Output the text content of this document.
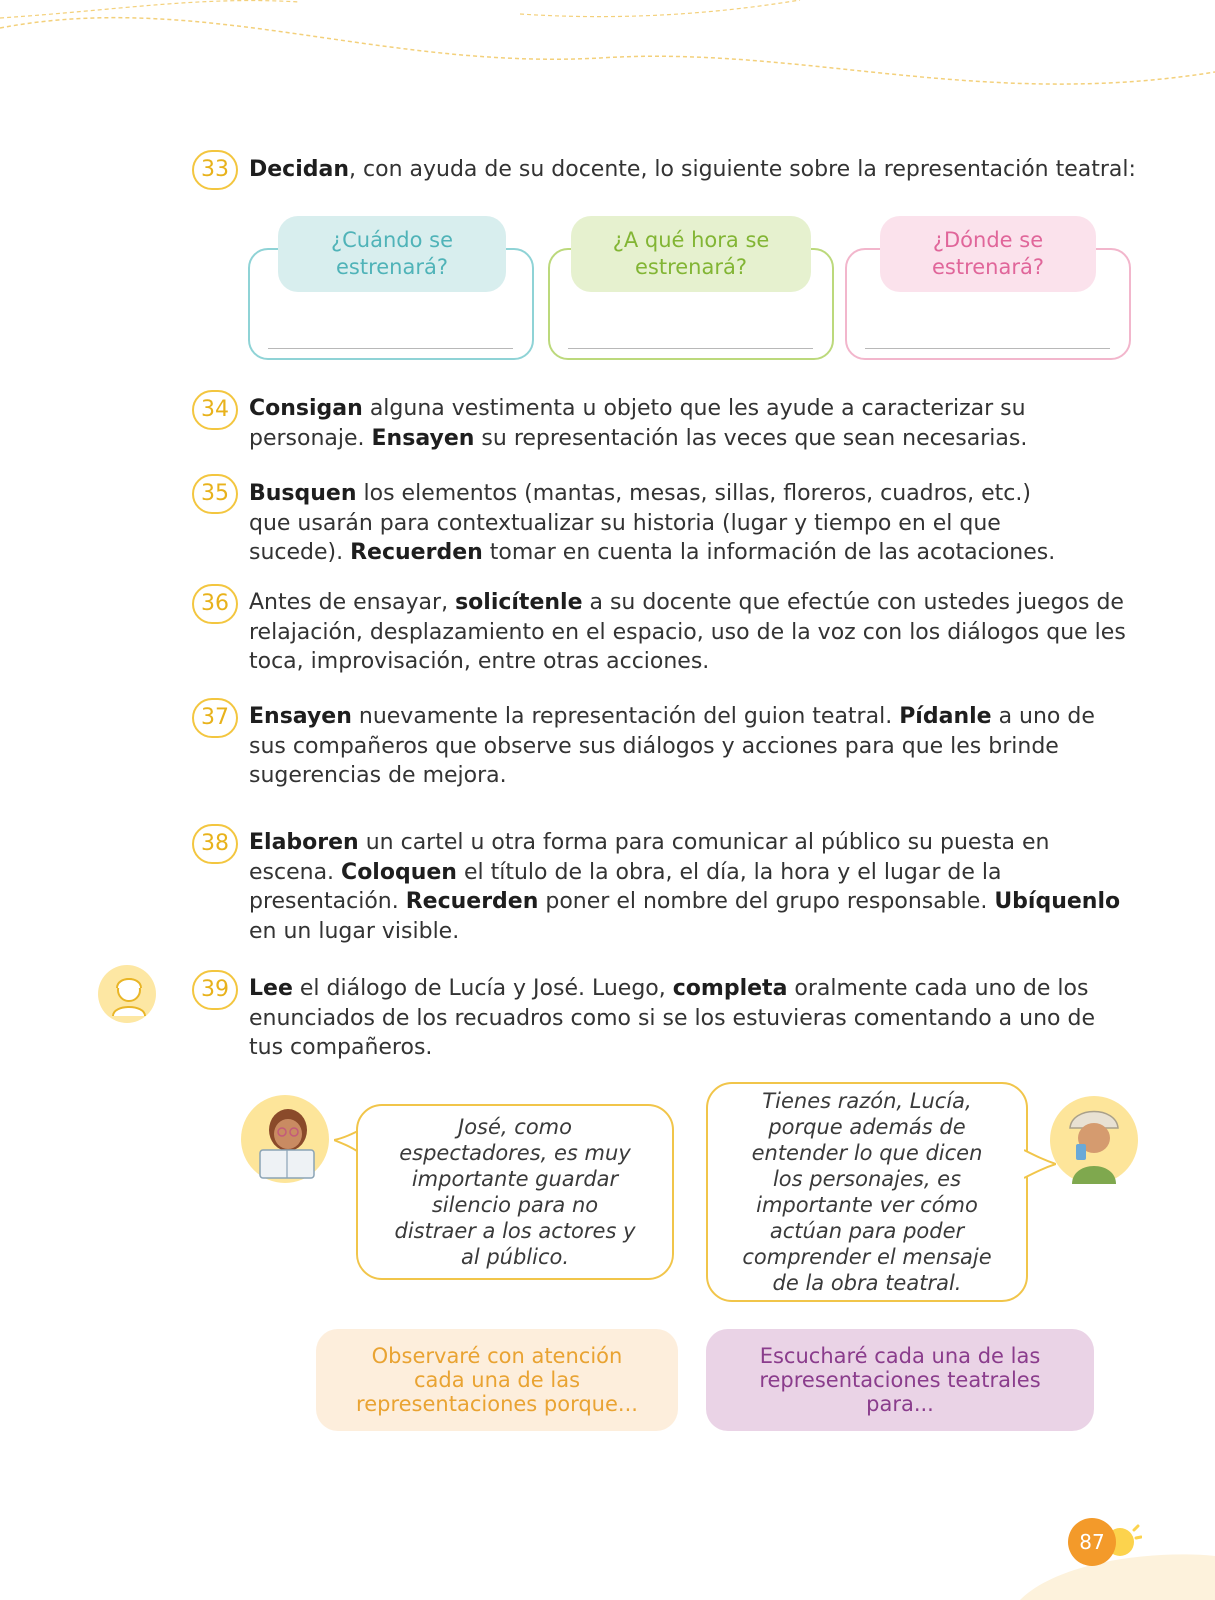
33 Decidan, con ayuda de su docente, lo siguiente sobre la representación teatral:
¿Cuándo se estrenará?
¿A qué hora se estrenará?
¿Dónde se estrenará?
34 Consigan alguna vestimenta u objeto que les ayude a caracterizar su personaje. Ensayen su representación las veces que sean necesarias.
35 Busquen los elementos (mantas, mesas, sillas, floreros, cuadros, etc.) que usarán para contextualizar su historia (lugar y tiempo en el que sucede). Recuerden tomar en cuenta la información de las acotaciones.
36 Antes de ensayar, solicítenle a su docente que efectúe con ustedes juegos de relajación, desplazamiento en el espacio, uso de la voz con los diálogos que les toca, improvisación, entre otras acciones.
37 Ensayen nuevamente la representación del guion teatral. Pídanle a uno de sus compañeros que observe sus diálogos y acciones para que les brinde sugerencias de mejora.
38 Elaboren un cartel u otra forma para comunicar al público su puesta en escena. Coloquen el título de la obra, el día, la hora y el lugar de la presentación. Recuerden poner el nombre del grupo responsable. Ubíquenlo en un lugar visible.
39 Lee el diálogo de Lucía y José. Luego, completa oralmente cada uno de los enunciados de los recuadros como si se los estuvieras comentando a uno de tus compañeros.
José, como espectadores, es muy importante guardar silencio para no distraer a los actores y al público.
Tienes razón, Lucía, porque además de entender lo que dicen los personajes, es importante ver cómo actúan para poder comprender el mensaje de la obra teatral.
Observaré con atención cada una de las representaciones porque...
Escucharé cada una de las representaciones teatrales para...
87
